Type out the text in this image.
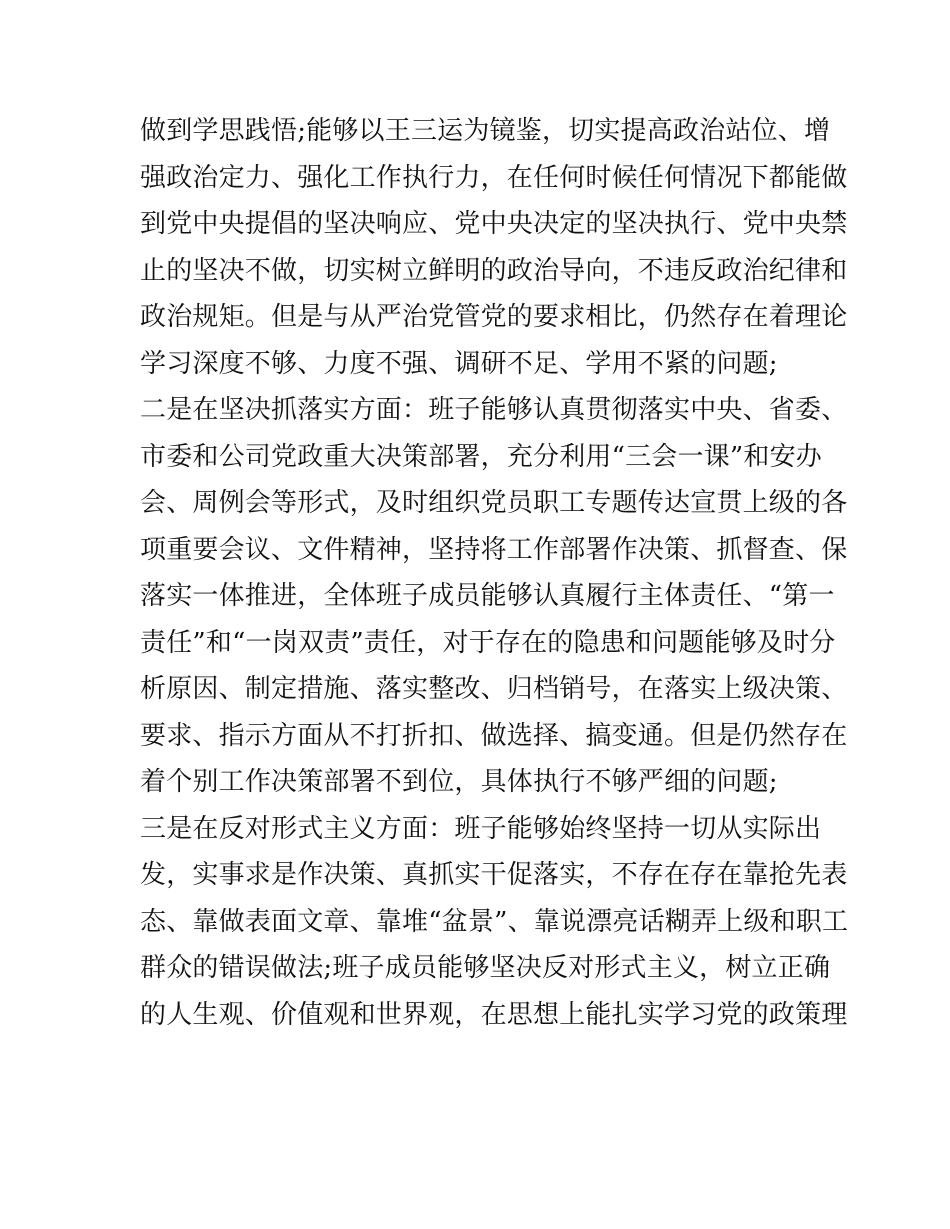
做到学思践悟;能够以王三运为镜鉴，切实提高政治站位、增
强政治定力、强化工作执行力，在任何时候任何情况下都能做
到党中央提倡的坚决响应、党中央决定的坚决执行、党中央禁
止的坚决不做，切实树立鲜明的政治导向，不违反政治纪律和
政治规矩。但是与从严治党管党的要求相比，仍然存在着理论
学习深度不够、力度不强、调研不足、学用不紧的问题;
二是在坚决抓落实方面：班子能够认真贯彻落实中央、省委、
市委和公司党政重大决策部署，充分利用“三会一课”和安办
会、周例会等形式，及时组织党员职工专题传达宣贯上级的各
项重要会议、文件精神，坚持将工作部署作决策、抓督查、保
落实一体推进，全体班子成员能够认真履行主体责任、“第一
责任”和“一岗双责”责任，对于存在的隐患和问题能够及时分
析原因、制定措施、落实整改、归档销号，在落实上级决策、
要求、指示方面从不打折扣、做选择、搞变通。但是仍然存在
着个别工作决策部署不到位，具体执行不够严细的问题;
三是在反对形式主义方面：班子能够始终坚持一切从实际出
发，实事求是作决策、真抓实干促落实，不存在存在靠抢先表
态、靠做表面文章、靠堆“盆景”、靠说漂亮话糊弄上级和职工
群众的错误做法;班子成员能够坚决反对形式主义，树立正确
的人生观、价值观和世界观，在思想上能扎实学习党的政策理
